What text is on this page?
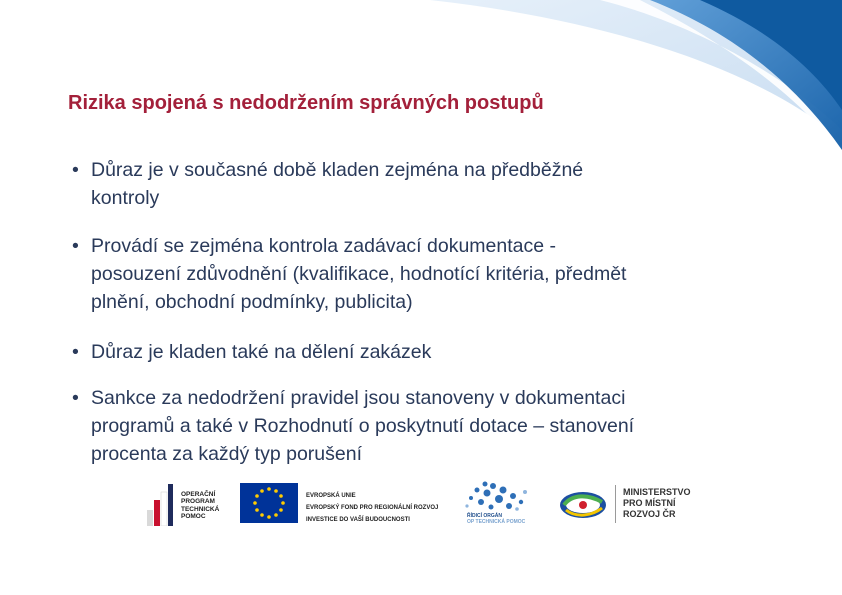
Rizika spojená s nedodržením správných postupů
• Důraz je v současné době kladen zejména na předběžné
kontroly
• Provádí se zejména kontrola zadávací dokumentace -
posouzení zdůvodnění (kvalifikace, hodnotící kritéria, předmět
plnění, obchodní podmínky, publicita)
• Důraz je kladen také na dělení zakázek
• Sankce za nedodržení pravidel jsou stanoveny v dokumentaci
programů a také v Rozhodnutí o poskytnutí dotace – stanovení
procenta za každý typ porušení
OPERAČNÍ
PROGRAM
TECHNICKÁ
POMOC
EVROPSKÁ UNIE
EVROPSKÝ FOND PRO REGIONÁLNÍ ROZVOJ
INVESTICE DO VAŠÍ BUDOUCNOSTI
ŘÍDICÍ ORGÁN
OP TECHNICKÁ POMOC
MINISTERSTVO
PRO MÍSTNÍ
ROZVOJ ČR
